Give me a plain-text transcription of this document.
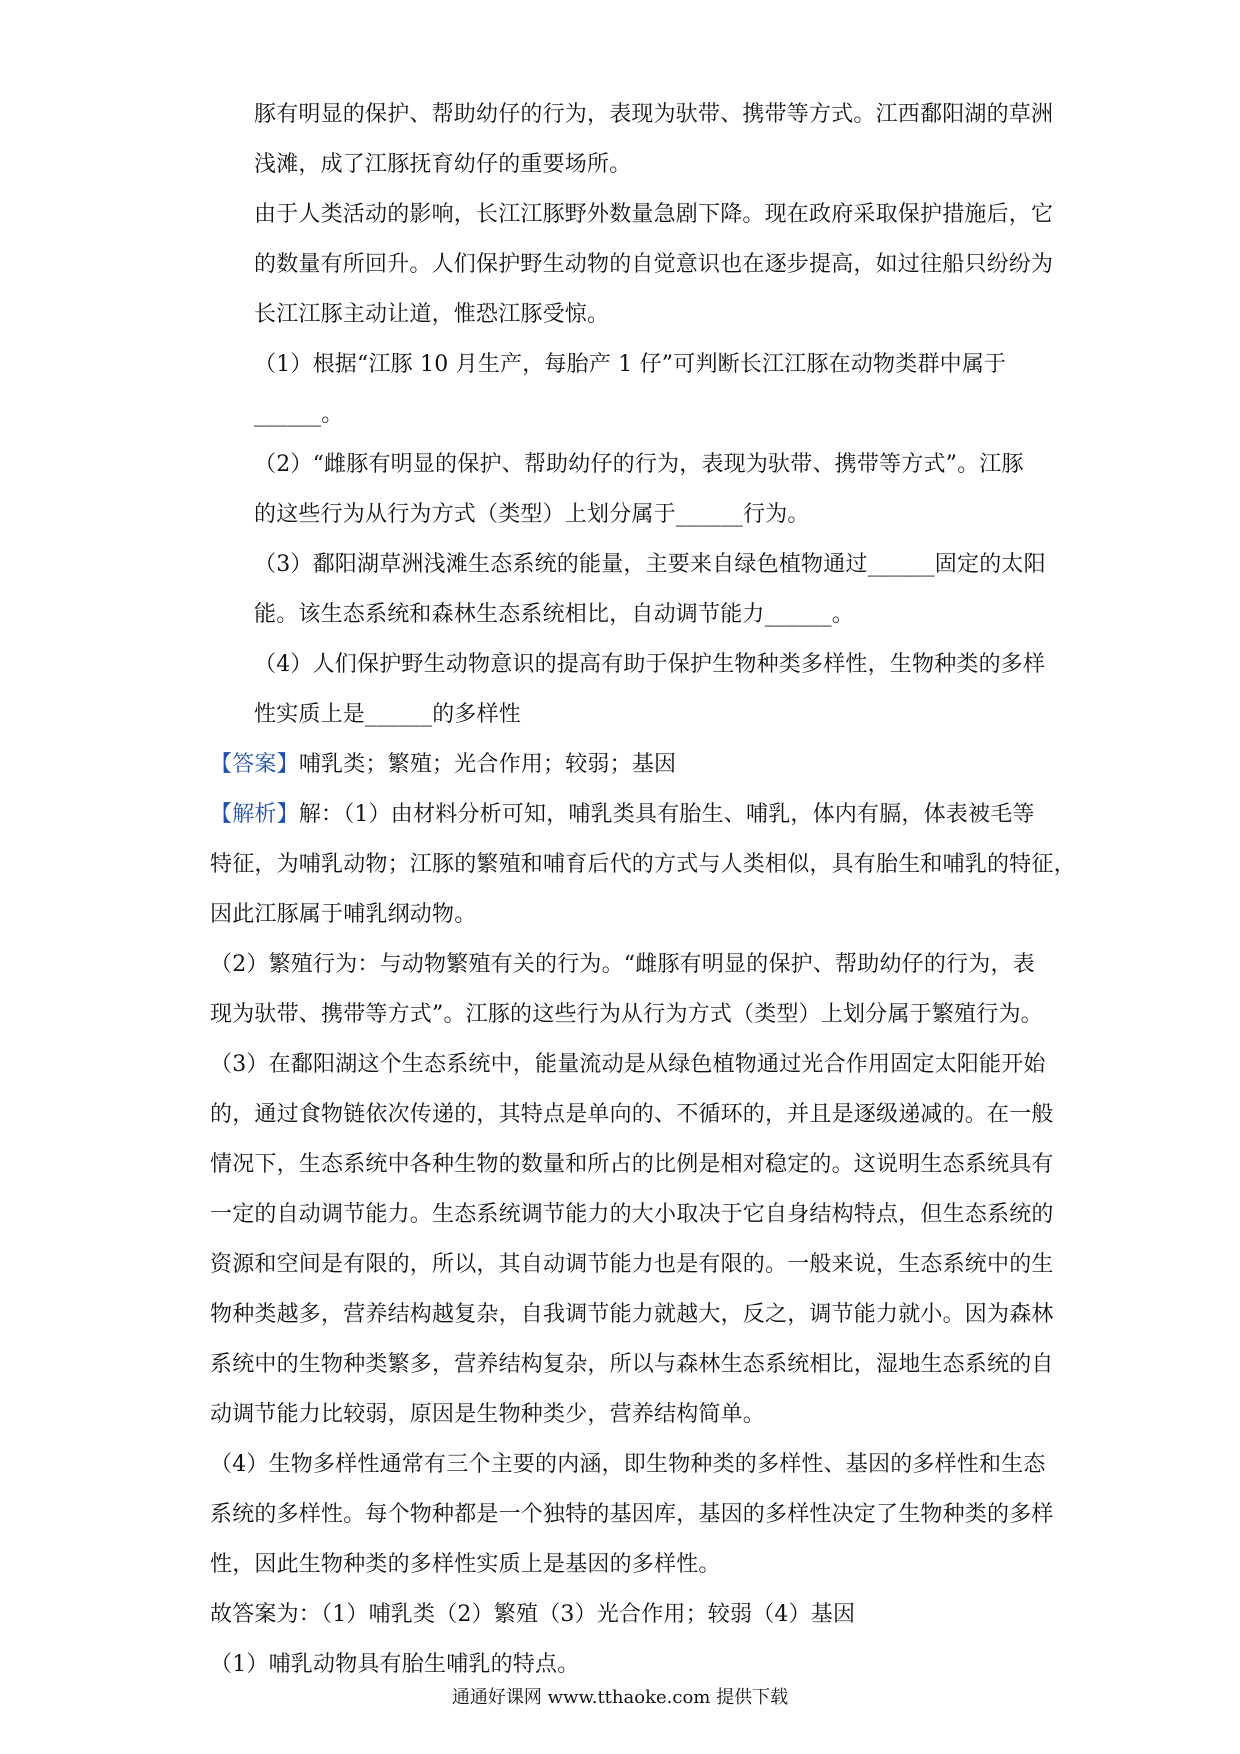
豚有明显的保护、帮助幼仔的行为，表现为驮带、携带等方式。江西鄱阳湖的草洲
浅滩，成了江豚抚育幼仔的重要场所。
由于人类活动的影响，长江江豚野外数量急剧下降。现在政府采取保护措施后，它
的数量有所回升。人们保护野生动物的自觉意识也在逐步提高，如过往船只纷纷为
长江江豚主动让道，惟恐江豚受惊。
（1）根据“江豚 10 月生产，每胎产 1 仔”可判断长江江豚在动物类群中属于
______。
（2）“雌豚有明显的保护、帮助幼仔的行为，表现为驮带、携带等方式”。江豚
的这些行为从行为方式（类型）上划分属于______行为。
（3）鄱阳湖草洲浅滩生态系统的能量，主要来自绿色植物通过______固定的太阳
能。该生态系统和森林生态系统相比，自动调节能力______。
（4）人们保护野生动物意识的提高有助于保护生物种类多样性，生物种类的多样
性实质上是______的多样性
【答案】哺乳类；繁殖；光合作用；较弱；基因
【解析】解：（1）由材料分析可知，哺乳类具有胎生、哺乳，体内有膈，体表被毛等
特征，为哺乳动物；江豚的繁殖和哺育后代的方式与人类相似，具有胎生和哺乳的特征，
因此江豚属于哺乳纲动物。
（2）繁殖行为：与动物繁殖有关的行为。“雌豚有明显的保护、帮助幼仔的行为，表
现为驮带、携带等方式”。江豚的这些行为从行为方式（类型）上划分属于繁殖行为。
（3）在鄱阳湖这个生态系统中，能量流动是从绿色植物通过光合作用固定太阳能开始
的，通过食物链依次传递的，其特点是单向的、不循环的，并且是逐级递减的。在一般
情况下，生态系统中各种生物的数量和所占的比例是相对稳定的。这说明生态系统具有
一定的自动调节能力。生态系统调节能力的大小取决于它自身结构特点，但生态系统的
资源和空间是有限的，所以，其自动调节能力也是有限的。一般来说，生态系统中的生
物种类越多，营养结构越复杂，自我调节能力就越大，反之，调节能力就小。因为森林
系统中的生物种类繁多，营养结构复杂，所以与森林生态系统相比，湿地生态系统的自
动调节能力比较弱，原因是生物种类少，营养结构简单。
（4）生物多样性通常有三个主要的内涵，即生物种类的多样性、基因的多样性和生态
系统的多样性。每个物种都是一个独特的基因库，基因的多样性决定了生物种类的多样
性，因此生物种类的多样性实质上是基因的多样性。
故答案为：（1）哺乳类（2）繁殖（3）光合作用；较弱（4）基因
（1）哺乳动物具有胎生哺乳的特点。
通通好课网 www.tthaoke.com 提供下载
